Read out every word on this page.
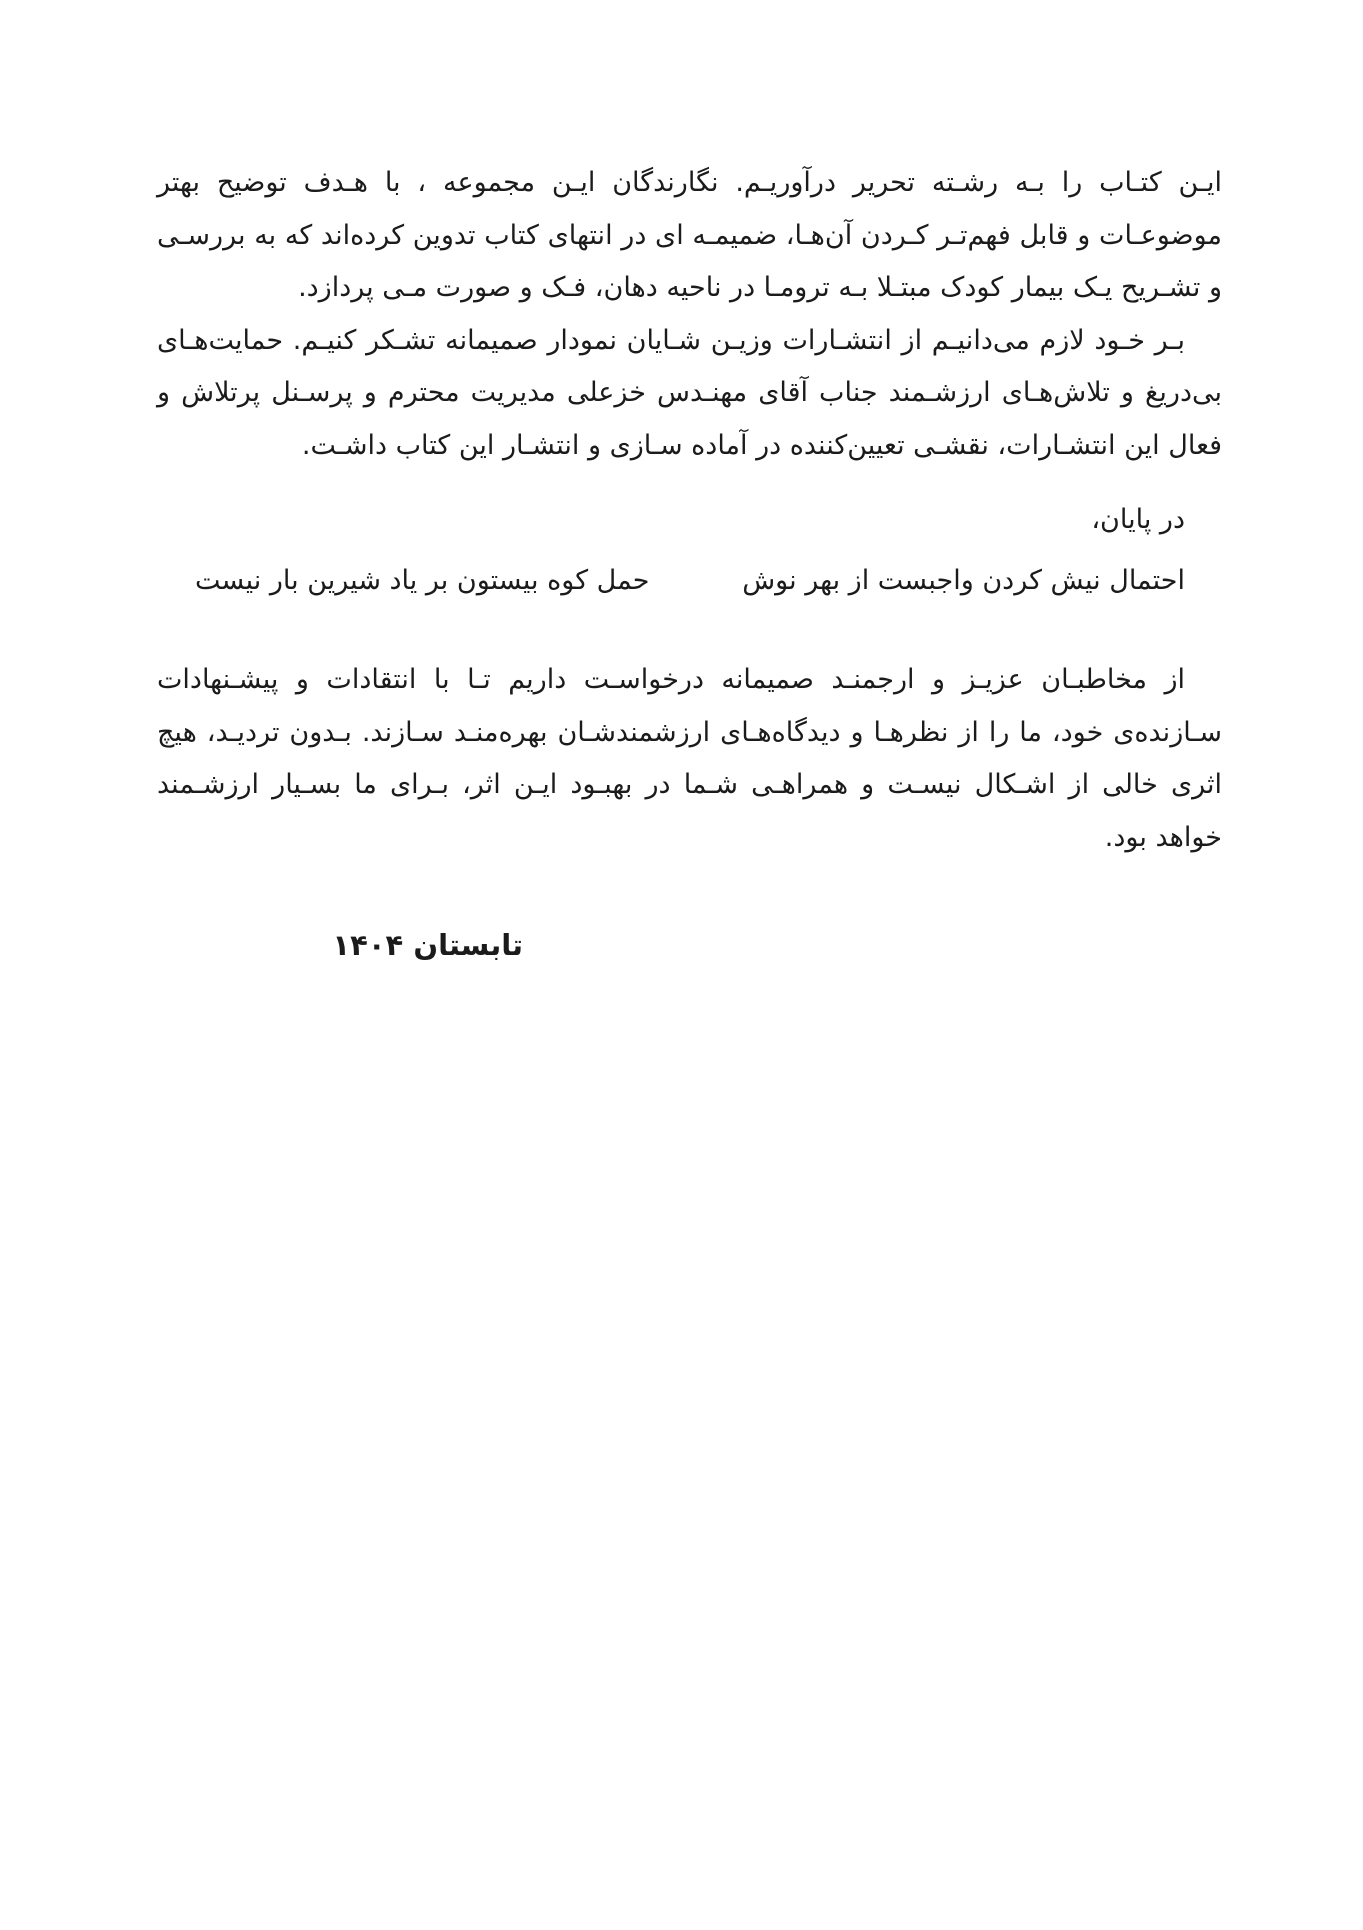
ایـن کتـاب را بـه رشـته تحریر درآوریـم. نگارندگان ایـن مجموعه ، با هـدف توضیح بهتر موضوعـات و قابل فهم‌تـر کـردن آن‌هـا، ضمیمـه ای در انتهای کتاب تدوین کرده‌اند که به بررسـی و تشـریح یـک بیمار کودک مبتـلا بـه ترومـا در ناحیه دهان، فـک و صورت مـی پردازد.

بـر خـود لازم می‌دانیـم از انتشـارات وزیـن شـایان نمودار صمیمانه تشـکر کنیـم. حمایت‌هـای بی‌دریغ و تلاش‌هـای ارزشـمند جناب آقای مهنـدس خزعلی مدیریت محترم و پرسـنل پرتلاش و فعال این انتشـارات، نقشـی تعیین‌کننده در آماده سـازی و انتشـار این کتاب داشـت.

در پایان،

احتمال نیش کردن واجبست از بهر نوش
حمل کوه بیستون بر یاد شیرین بار نیست

از مخاطبـان عزیـز و ارجمنـد صمیمانه درخواسـت داریم تـا با انتقادات و پیشـنهادات سـازنده‌ی خود، ما را از نظرهـا و دیدگاه‌هـای ارزشمندشـان بهره‌منـد سـازند. بـدون تردیـد، هیچ اثری خالی از اشـکال نیسـت و همراهـی شـما در بهبـود ایـن اثر، بـرای ما بسـیار ارزشـمند خواهد بود.

تابستان ۱۴۰۴
